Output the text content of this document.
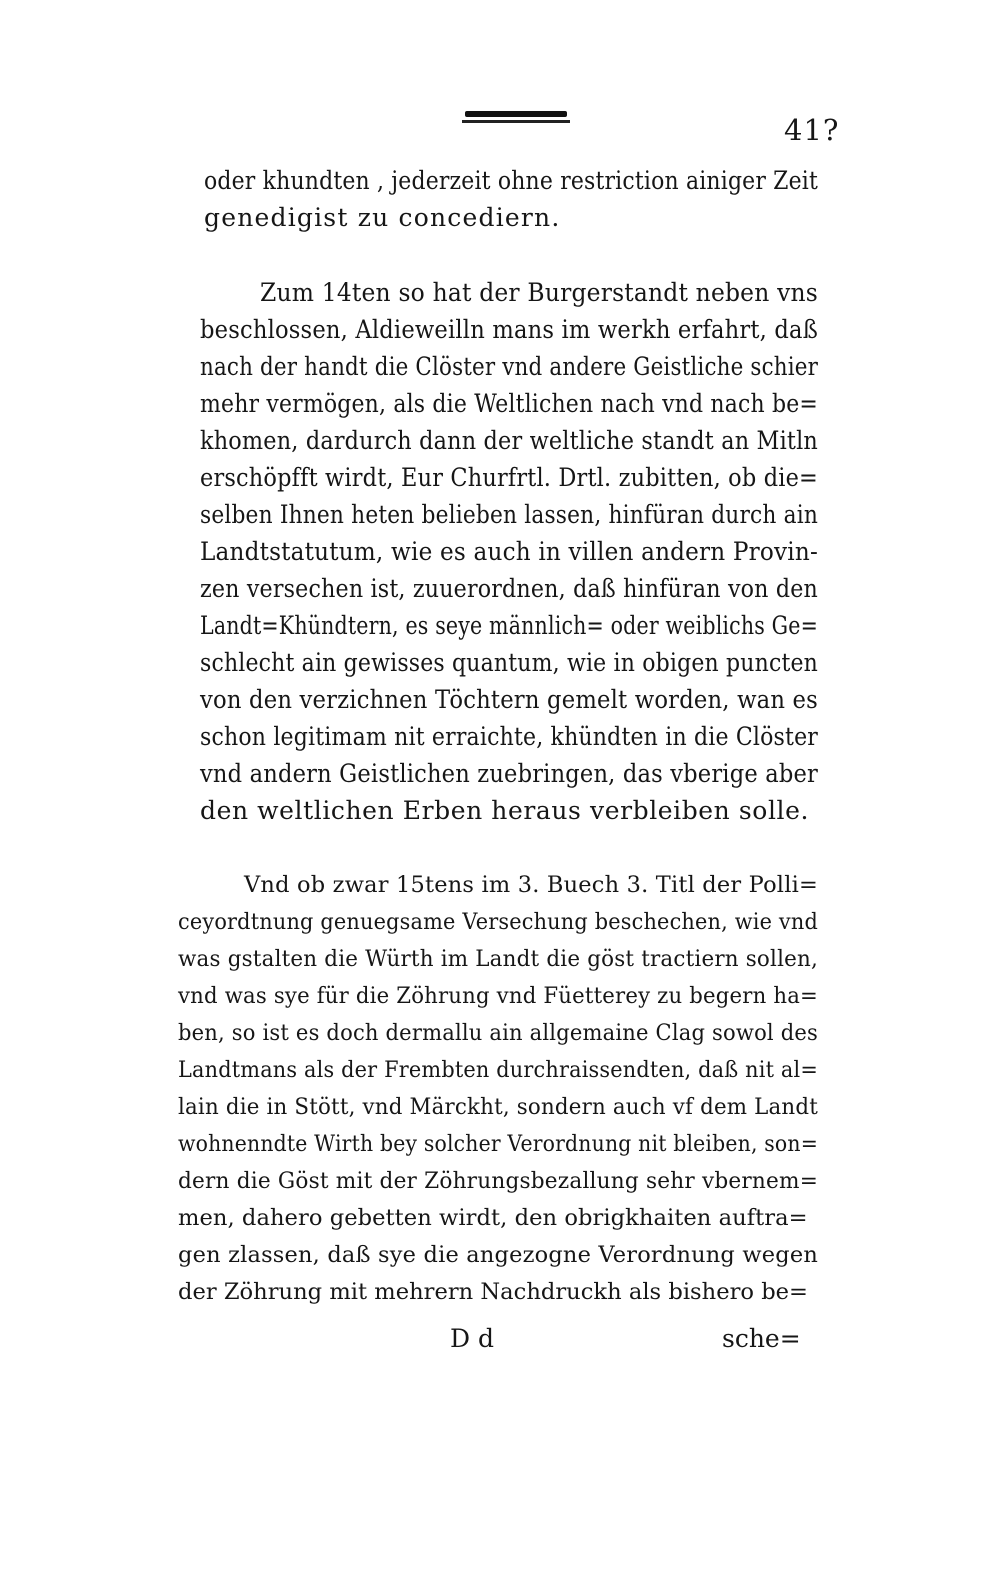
41?
oder khundten , jederzeit ohne restriction ainiger Zeit
genedigist zu concediern.
Zum 14ten so hat der Burgerstandt neben vns
beschlossen, Aldieweilln mans im werkh erfahrt, daß
nach der handt die Clöster vnd andere Geistliche schier
mehr vermögen, als die Weltlichen nach vnd nach be=
khomen, dardurch dann der weltliche standt an Mitln
erschöpfft wirdt, Eur Churfrtl. Drtl. zubitten, ob die=
selben Ihnen heten belieben lassen, hinfüran durch ain
Landtstatutum, wie es auch in villen andern Provin-
zen versechen ist, zuuerordnen, daß hinfüran von den
Landt=Khündtern, es seye männlich= oder weiblichs Ge=
schlecht ain gewisses quantum, wie in obigen puncten
von den verzichnen Töchtern gemelt worden, wan es
schon legitimam nit erraichte, khündten in die Clöster
vnd andern Geistlichen zuebringen, das vberige aber
den weltlichen Erben heraus verbleiben solle.
Vnd ob zwar 15tens im 3. Buech 3. Titl der Polli=
ceyordtnung genuegsame Versechung beschechen, wie vnd
was gstalten die Würth im Landt die göst tractiern sollen,
vnd was sye für die Zöhrung vnd Füetterey zu begern ha=
ben, so ist es doch dermallu ain allgemaine Clag sowol des
Landtmans als der Frembten durchraissendten, daß nit al=
lain die in Stött, vnd Märckht, sondern auch vf dem Landt
wohnenndte Wirth bey solcher Verordnung nit bleiben, son=
dern die Göst mit der Zöhrungsbezallung sehr vbernem=
men, dahero gebetten wirdt, den obrigkhaiten auftra=
gen zlassen, daß sye die angezogne Verordnung wegen
der Zöhrung mit mehrern Nachdruckh als bishero be=
D d	sche=
